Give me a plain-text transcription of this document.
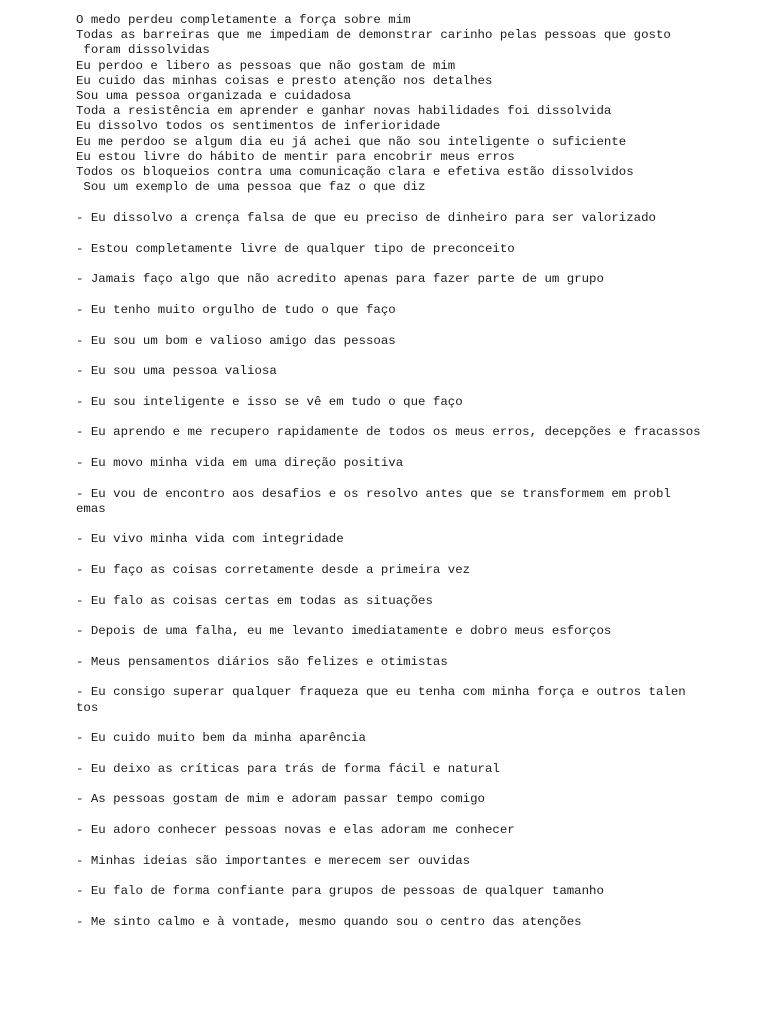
O medo perdeu completamente a força sobre mim
Todas as barreiras que me impediam de demonstrar carinho pelas pessoas que gosto
foram dissolvidas
Eu perdoo e libero as pessoas que não gostam de mim
Eu cuido das minhas coisas e presto atenção nos detalhes
Sou uma pessoa organizada e cuidadosa
Toda a resistência em aprender e ganhar novas habilidades foi dissolvida
Eu dissolvo todos os sentimentos de inferioridade
Eu me perdoo se algum dia eu já achei que não sou inteligente o suficiente
Eu estou livre do hábito de mentir para encobrir meus erros
Todos os bloqueios contra uma comunicação clara e efetiva estão dissolvidos
Sou um exemplo de uma pessoa que faz o que diz
- Eu dissolvo a crença falsa de que eu preciso de dinheiro para ser valorizado
- Estou completamente livre de qualquer tipo de preconceito
- Jamais faço algo que não acredito apenas para fazer parte de um grupo
- Eu tenho muito orgulho de tudo o que faço
- Eu sou um bom e valioso amigo das pessoas
- Eu sou uma pessoa valiosa
- Eu sou inteligente e isso se vê em tudo o que faço
- Eu aprendo e me recupero rapidamente de todos os meus erros, decepções e fracassos
- Eu movo minha vida em uma direção positiva
- Eu vou de encontro aos desafios e os resolvo antes que se transformem em probl
emas
- Eu vivo minha vida com integridade
- Eu faço as coisas corretamente desde a primeira vez
- Eu falo as coisas certas em todas as situações
- Depois de uma falha, eu me levanto imediatamente e dobro meus esforços
- Meus pensamentos diários são felizes e otimistas
- Eu consigo superar qualquer fraqueza que eu tenha com minha força e outros talen
tos
- Eu cuido muito bem da minha aparência
- Eu deixo as críticas para trás de forma fácil e natural
- As pessoas gostam de mim e adoram passar tempo comigo
- Eu adoro conhecer pessoas novas e elas adoram me conhecer
- Minhas ideias são importantes e merecem ser ouvidas
- Eu falo de forma confiante para grupos de pessoas de qualquer tamanho
- Me sinto calmo e à vontade, mesmo quando sou o centro das atenções
